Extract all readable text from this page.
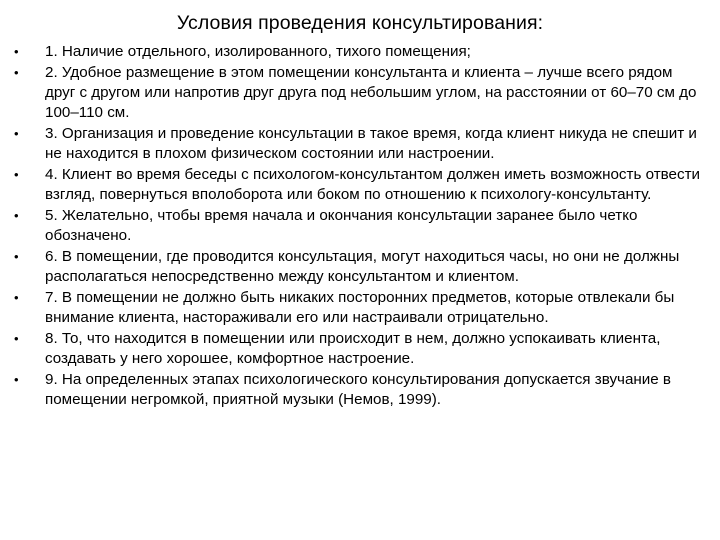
Условия проведения консультирования:
•	1. Наличие отдельного, изолированного, тихого помещения;
•	2. Удобное размещение в этом помещении консультанта и клиента – лучше всего рядом друг с другом или напротив друг друга под небольшим углом, на расстоянии от 60–70 см до 100–110 см.
•	3. Организация и проведение консультации в такое время, когда клиент никуда не спешит и не находится в плохом физическом состоянии или настроении.
•	4. Клиент во время беседы с психологом-консультантом должен иметь возможность отвести взгляд, повернуться вполоборота или боком по отношению к психологу-консультанту.
•	5. Желательно, чтобы время начала и окончания консультации заранее было четко обозначено.
•	6. В помещении, где проводится консультация, могут находиться часы, но они не должны располагаться непосредственно между консультантом и клиентом.
•	7. В помещении не должно быть никаких посторонних предметов, которые отвлекали бы внимание клиента, настораживали его или настраивали отрицательно.
•	8. То, что находится в помещении или происходит в нем, должно успокаивать клиента, создавать у него хорошее, комфортное настроение.
•	9. На определенных этапах психологического консультирования допускается звучание в помещении негромкой, приятной музыки (Немов, 1999).
